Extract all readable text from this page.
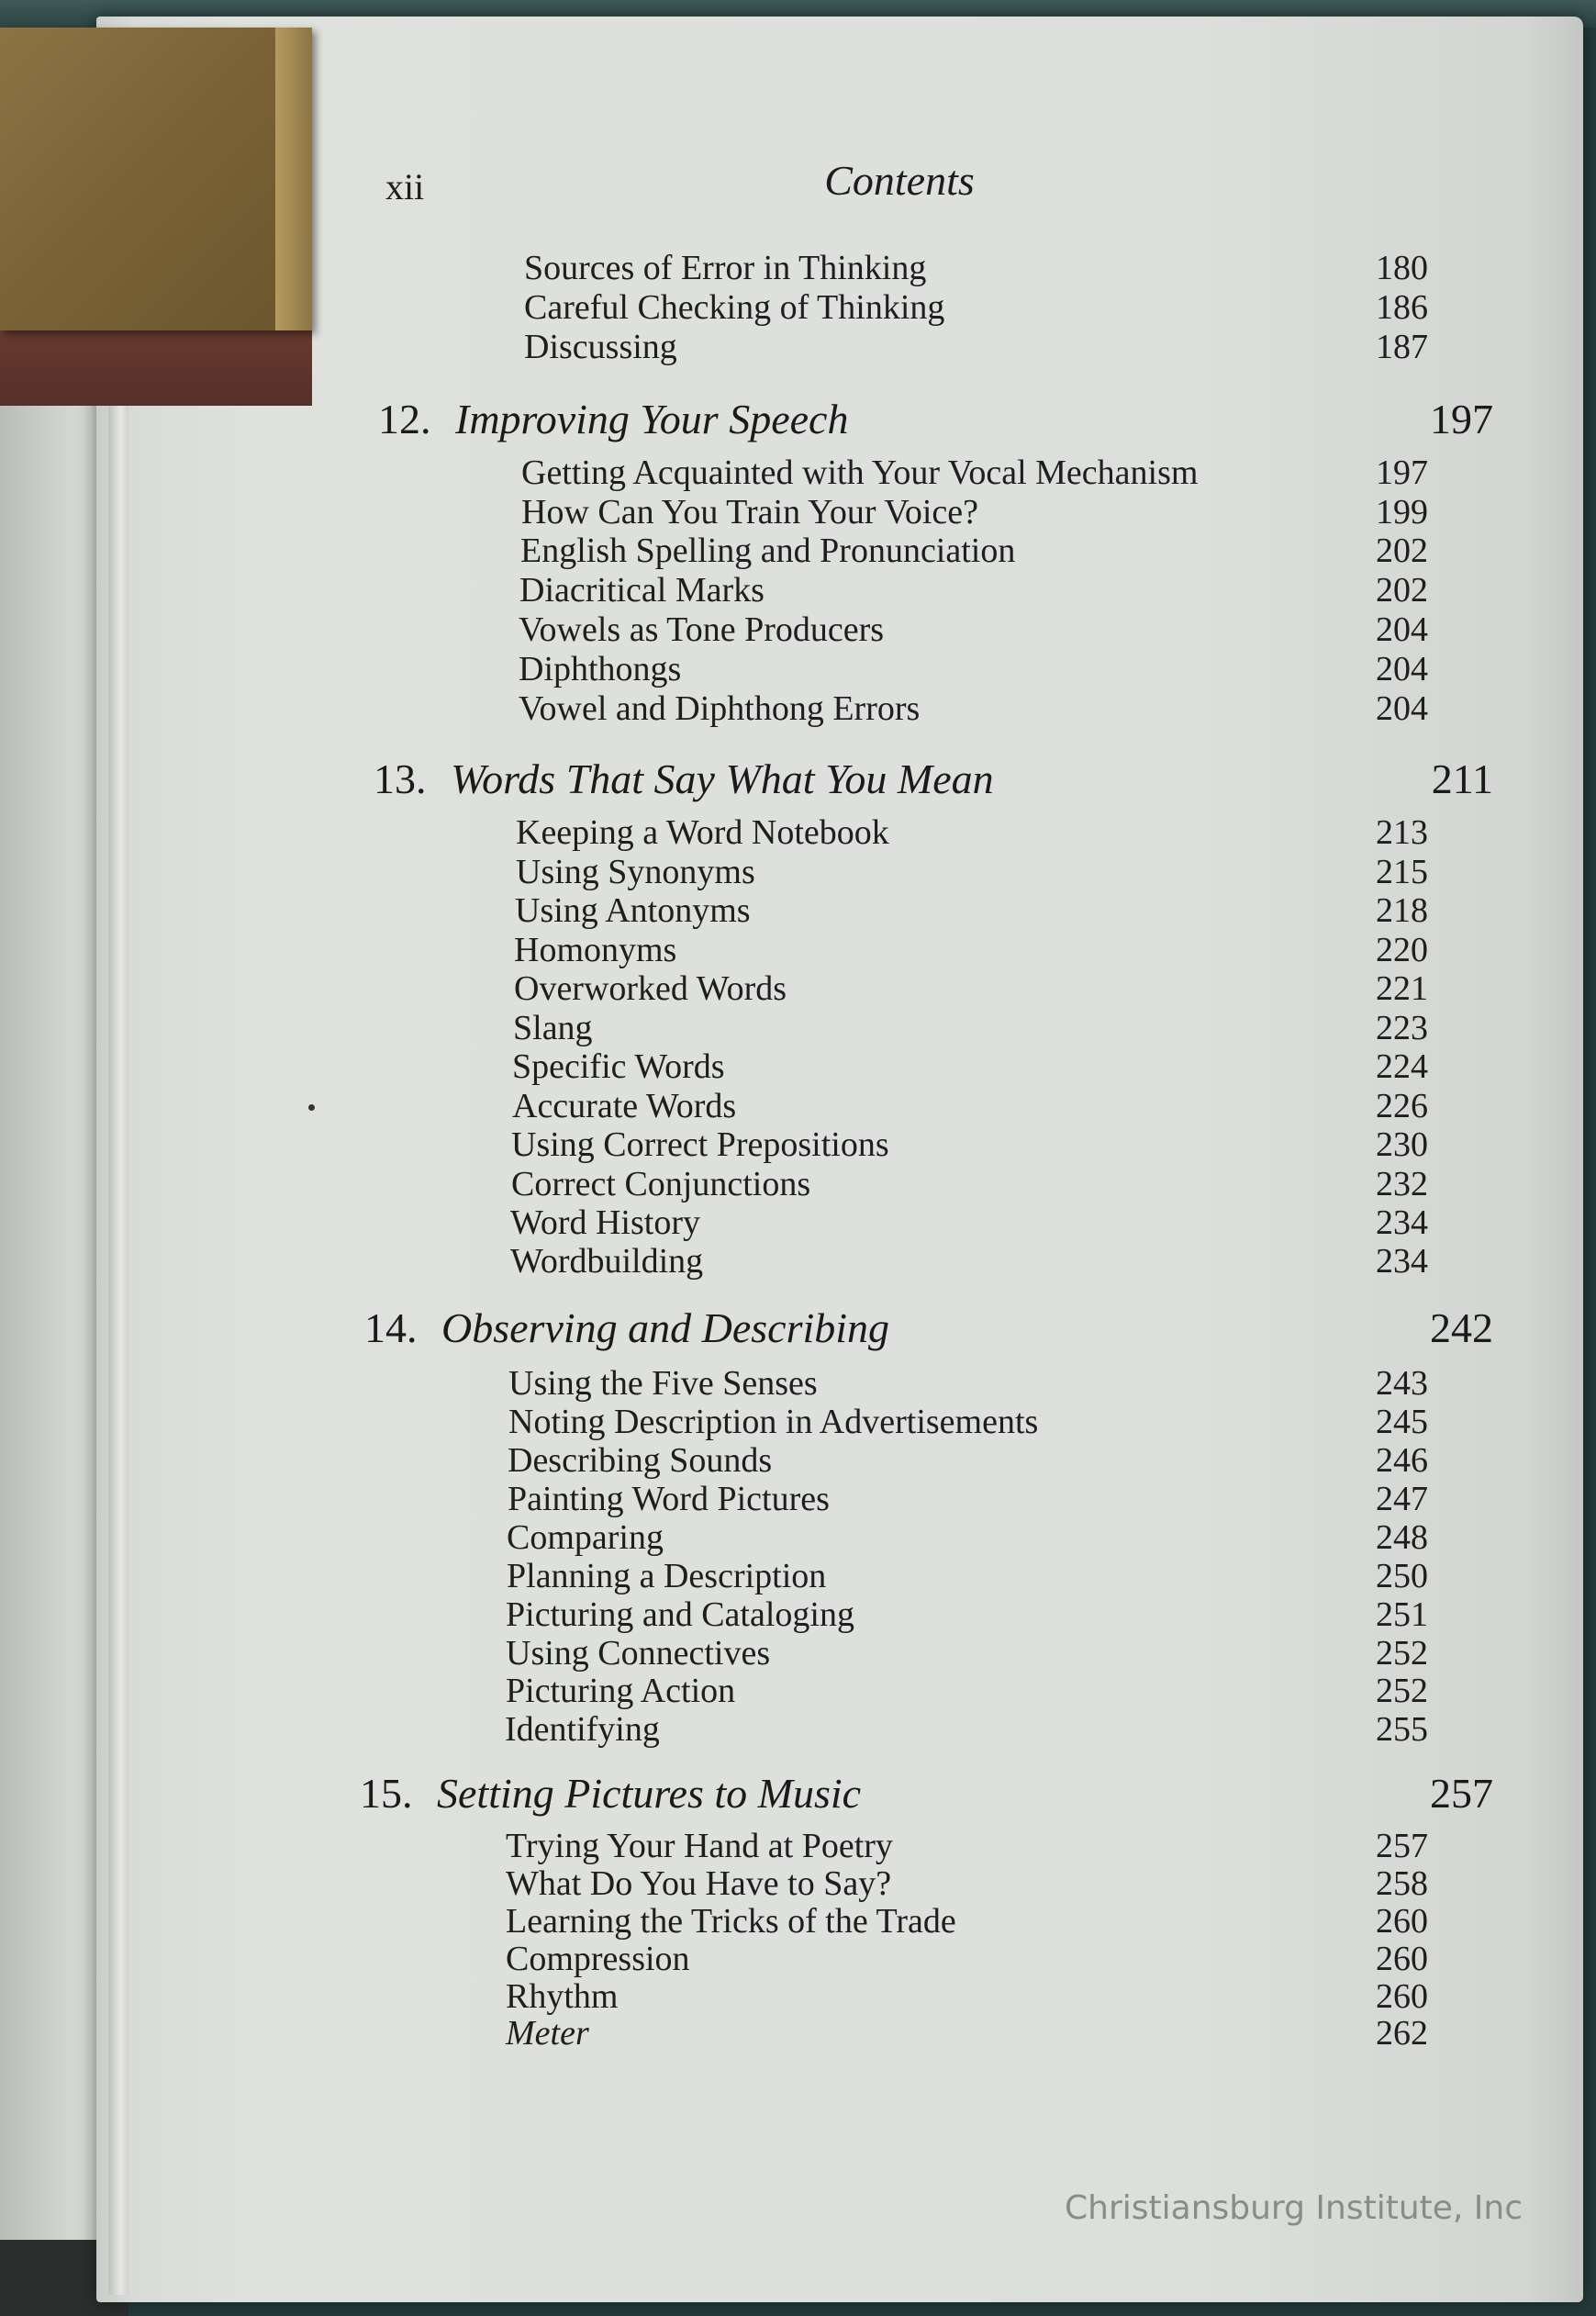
xii	Contents
Sources of Error in Thinking	180
Careful Checking of Thinking	186
Discussing	187
12. Improving Your Speech	197
Getting Acquainted with Your Vocal Mechanism	197
How Can You Train Your Voice?	199
English Spelling and Pronunciation	202
Diacritical Marks	202
Vowels as Tone Producers	204
Diphthongs	204
Vowel and Diphthong Errors	204
13. Words That Say What You Mean	211
Keeping a Word Notebook	213
Using Synonyms	215
Using Antonyms	218
Homonyms	220
Overworked Words	221
Slang	223
Specific Words	224
Accurate Words	226
Using Correct Prepositions	230
Correct Conjunctions	232
Word History	234
Wordbuilding	234
14. Observing and Describing	242
Using the Five Senses	243
Noting Description in Advertisements	245
Describing Sounds	246
Painting Word Pictures	247
Comparing	248
Planning a Description	250
Picturing and Cataloging	251
Using Connectives	252
Picturing Action	252
Identifying	255
15. Setting Pictures to Music	257
Trying Your Hand at Poetry	257
What Do You Have to Say?	258
Learning the Tricks of the Trade	260
Compression	260
Rhythm	260
Meter	262
Christiansburg Institute, Inc
